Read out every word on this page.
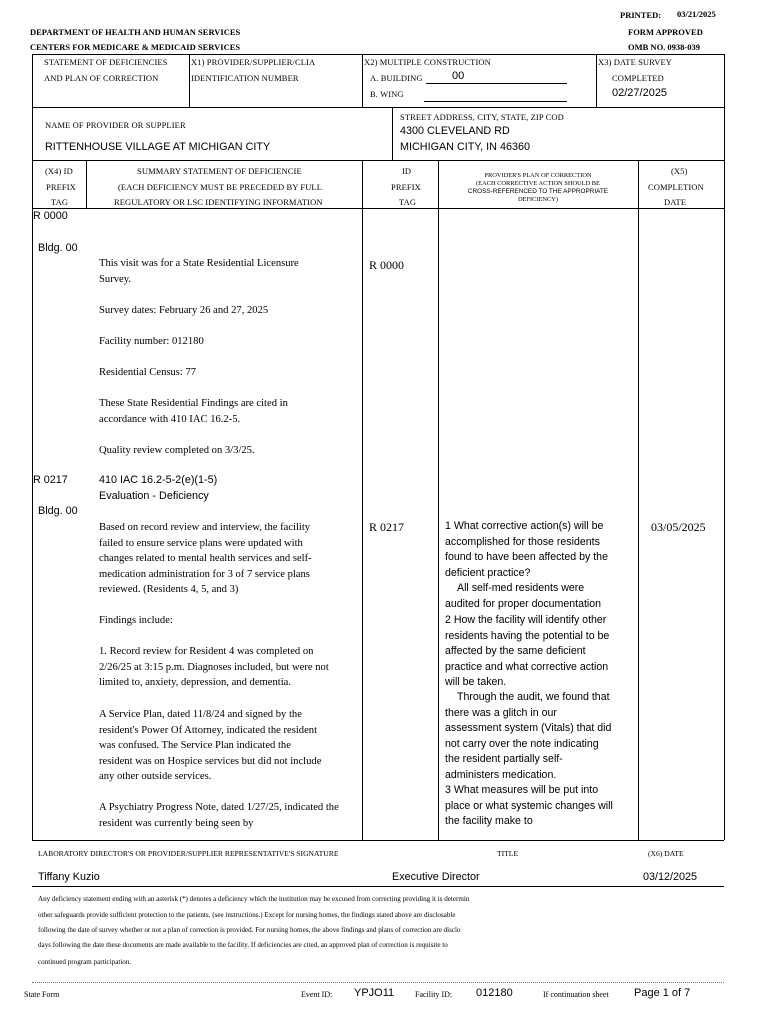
PRINTED: 03/21/2025
DEPARTMENT OF HEALTH AND HUMAN SERVICES	FORM APPROVED
CENTERS FOR MEDICARE & MEDICAID SERVICES	OMB NO. 0938-039
STATEMENT OF DEFICIENCIES
AND PLAN OF CORRECTION
X1) PROVIDER/SUPPLIER/CLIA
IDENTIFICATION NUMBER
X2) MULTIPLE CONSTRUCTION
A. BUILDING	00
B. WING
X3) DATE SURVEY
COMPLETED
02/27/2025
NAME OF PROVIDER OR SUPPLIER
RITTENHOUSE VILLAGE AT MICHIGAN CITY
STREET ADDRESS, CITY, STATE, ZIP COD
4300 CLEVELAND RD
MICHIGAN CITY, IN 46360
(X4) ID
PREFIX
TAG
SUMMARY STATEMENT OF DEFICIENCIE
(EACH DEFICIENCY MUST BE PRECEDED BY FULL
REGULATORY OR LSC IDENTIFYING INFORMATION
ID
PREFIX
TAG
PROVIDER'S PLAN OF CORRECTION
(EACH CORRECTIVE ACTION SHOULD BE
CROSS-REFERENCED TO THE APPROPRIATE
DEFICIENCY)
(X5)
COMPLETION
DATE
R 0000
Bldg. 00
This visit was for a State Residential Licensure Survey.
Survey dates: February 26 and 27, 2025
Facility number: 012180
Residential Census: 77
These State Residential Findings are cited in accordance with 410 IAC 16.2-5.
Quality review completed on 3/3/25.
R 0000
R 0217
Bldg. 00
410 IAC 16.2-5-2(e)(1-5)
Evaluation - Deficiency
Based on record review and interview, the facility failed to ensure service plans were updated with changes related to mental health services and self-medication administration for 3 of 7 service plans reviewed. (Residents 4, 5, and 3)
Findings include:
1. Record review for Resident 4 was completed on 2/26/25 at 3:15 p.m. Diagnoses included, but were not limited to, anxiety, depression, and dementia.
A Service Plan, dated 11/8/24 and signed by the resident's Power Of Attorney, indicated the resident was confused. The Service Plan indicated the resident was on Hospice services but did not include any other outside services.
A Psychiatry Progress Note, dated 1/27/25, indicated the resident was currently being seen by
R 0217	1 What corrective action(s) will be accomplished for those residents found to have been affected by the deficient practice?
All self-med residents were audited for proper documentation
2 How the facility will identify other residents having the potential to be affected by the same deficient practice and what corrective action will be taken.
Through the audit, we found that there was a glitch in our assessment system (Vitals) that did not carry over the note indicating the resident partially self-administers medication.
3 What measures will be put into place or what systemic changes will the facility make to
03/05/2025
LABORATORY DIRECTOR'S OR PROVIDER/SUPPLIER REPRESENTATIVE'S SIGNATURE	TITLE	(X6) DATE
Tiffany Kuzio	Executive Director	03/12/2025
Any deficiency statement ending with an asterisk (*) denotes a deficiency which the institution may be excused from correcting providing it is determin
other safeguards provide sufficient protection to the patients. (see instructions.) Except for nursing homes, the findings stated above are disclosable
following the date of survey whether or not a plan of correction is provided. For nursing homes, the above findings and plans of correction are disclo
days following the date these documents are made available to the facility. If deficiencies are cited, an approved plan of correction is requisite to
continued program participation.
State Form	Event ID: YPJO11	Facility ID: 012180	If continuation sheet Page 1 of 7
